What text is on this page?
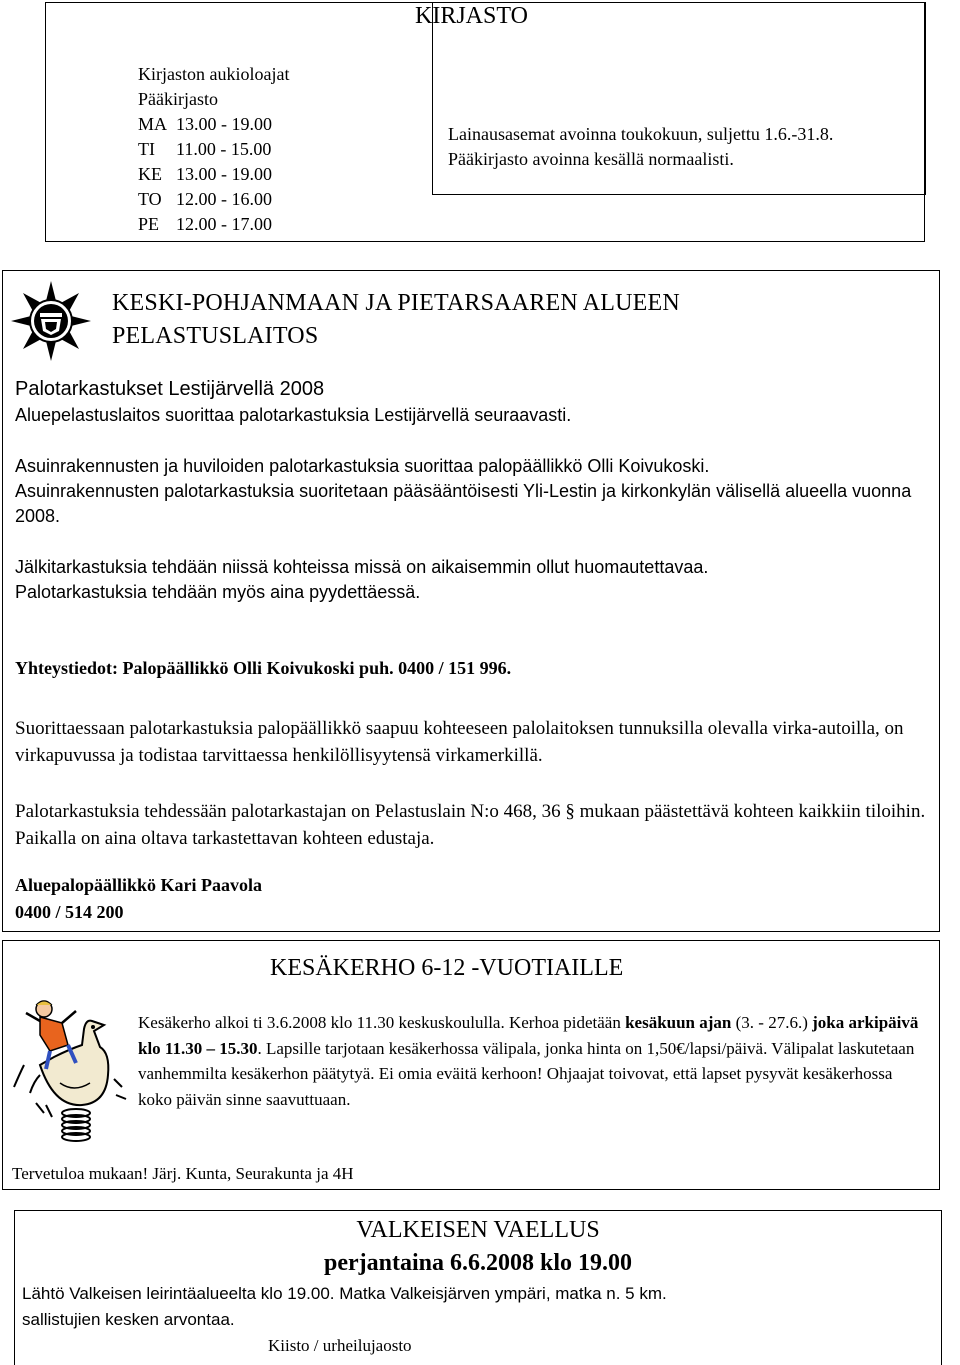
KIRJASTO
Kirjaston aukioloajat
Pääkirjasto
MA 13.00 - 19.00
TI 11.00 - 15.00
KE 13.00 - 19.00
TO 12.00 - 16.00
PE 12.00 - 17.00
Lainausasemat avoinna toukokuun, suljettu 1.6.-31.8.
Pääkirjasto avoinna kesällä normaalisti.
KESKI-POHJANMAAN JA PIETARSAAREN ALUEEN
PELASTUSLAITOS

Palotarkastukset Lestijärvellä 2008

Aluepelastuslaitos suorittaa palotarkastuksia Lestijärvellä seuraavasti.

Asuinrakennusten ja huviloiden palotarkastuksia suorittaa palopäällikkö Olli Koivukoski.

Asuinrakennusten palotarkastuksia suoritetaan pääsääntöisesti Yli-Lestin ja kirkonkylän välisellä alueella vuonna 2008.

Jälkitarkastuksia tehdään niissä kohteissa missä on aikaisemmin ollut huomautettavaa.

Palotarkastuksia tehdään myös aina pyydettäessä.

Yhteystiedot: Palopäällikkö Olli Koivukoski puh. 0400 / 151 996.

Suorittaessaan palotarkastuksia palopäällikkö saapuu kohteeseen palolaitoksen tunnuksilla olevalla virka-autoilla, on virkapuvussa ja todistaa tarvittaessa henkilöllisyytensä virkamerkillä.

Palotarkastuksia tehdessään palotarkastajan on Pelastuslain N:o 468, 36 § mukaan päästettävä kohteen kaikkiin tiloihin. Paikalla on aina oltava tarkastettavan kohteen edustaja.

Aluepalopäällikkö Kari Paavola
0400 / 514 200
KESÄKERHO 6-12 -VUOTIAILLE

Kesäkerho alkoi ti 3.6.2008 klo 11.30 keskuskoululla. Kerhoa pidetään kesäkuun ajan (3. - 27.6.) joka arkipäivä klo 11.30 – 15.30. Lapsille tarjotaan kesäkerhossa välipala, jonka hinta on 1,50€/lapsi/päivä. Välipalat laskutetaan vanhemmilta kesäkerhon päätytyä. Ei omia eväitä kerhoon! Ohjaajat toivovat, että lapset pysyvät kesäkerhossa koko päivän sinne saavuttuaan.

Tervetuloa mukaan! Järj. Kunta, Seurakunta ja 4H
VALKEISEN VAELLUS
perjantaina 6.6.2008 klo 19.00

Lähtö Valkeisen leirintäalueelta klo 19.00. Matka Valkeisjärven ympäri, matka n. 5 km.

sallistujien kesken arvontaa.

Kiisto / urheilujaosto
